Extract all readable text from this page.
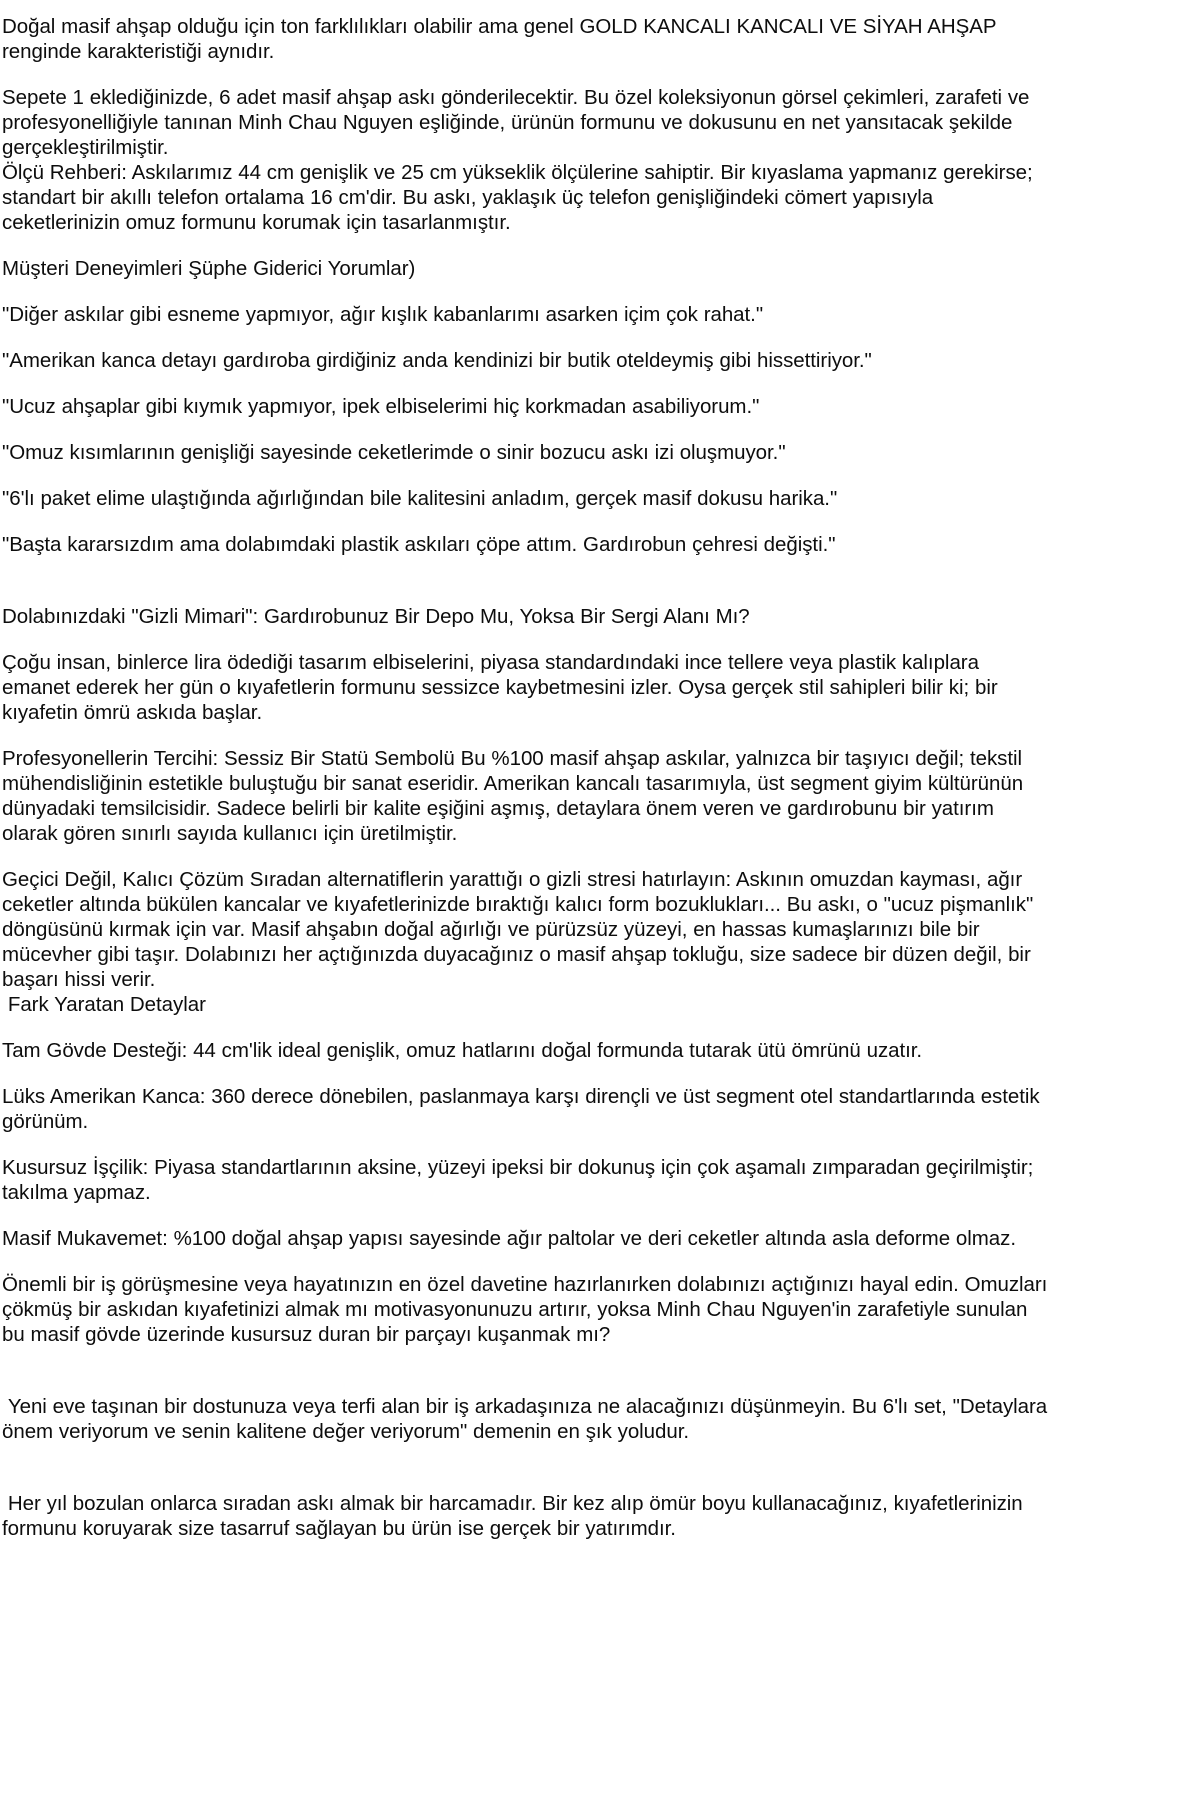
Doğal masif ahşap olduğu için ton farklılıkları olabilir ama genel GOLD KANCALI KANCALI VE SİYAH AHŞAP renginde karakteristiği aynıdır.

Sepete 1 eklediğinizde, 6 adet masif ahşap askı gönderilecektir. Bu özel koleksiyonun görsel çekimleri, zarafeti ve profesyonelliğiyle tanınan Minh Chau Nguyen eşliğinde, ürünün formunu ve dokusunu en net yansıtacak şekilde gerçekleştirilmiştir.

Ölçü Rehberi: Askılarımız 44 cm genişlik ve 25 cm yükseklik ölçülerine sahiptir. Bir kıyaslama yapmanız gerekirse; standart bir akıllı telefon ortalama 16 cm'dir. Bu askı, yaklaşık üç telefon genişliğindeki cömert yapısıyla ceketlerinizin omuz formunu korumak için tasarlanmıştır.

Müşteri Deneyimleri Şüphe Giderici Yorumlar)

"Diğer askılar gibi esneme yapmıyor, ağır kışlık kabanlarımı asarken içim çok rahat."

"Amerikan kanca detayı gardıroba girdiğiniz anda kendinizi bir butik oteldeymiş gibi hissettiriyor."

"Ucuz ahşaplar gibi kıymık yapmıyor, ipek elbiselerimi hiç korkmadan asabiliyorum."

"Omuz kısımlarının genişliği sayesinde ceketlerimde o sinir bozucu askı izi oluşmuyor."

"6'lı paket elime ulaştığında ağırlığından bile kalitesini anladım, gerçek masif dokusu harika."

"Başta kararsızdım ama dolabımdaki plastik askıları çöpe attım. Gardırobun çehresi değişti."

Dolabınızdaki "Gizli Mimari": Gardırobunuz Bir Depo Mu, Yoksa Bir Sergi Alanı Mı?

Çoğu insan, binlerce lira ödediği tasarım elbiselerini, piyasa standardındaki ince tellere veya plastik kalıplara emanet ederek her gün o kıyafetlerin formunu sessizce kaybetmesini izler. Oysa gerçek stil sahipleri bilir ki; bir kıyafetin ömrü askıda başlar.

Profesyonellerin Tercihi: Sessiz Bir Statü Sembolü Bu %100 masif ahşap askılar, yalnızca bir taşıyıcı değil; tekstil mühendisliğinin estetikle buluştuğu bir sanat eseridir. Amerikan kancalı tasarımıyla, üst segment giyim kültürünün dünyadaki temsilcisidir. Sadece belirli bir kalite eşiğini aşmış, detaylara önem veren ve gardırobunu bir yatırım olarak gören sınırlı sayıda kullanıcı için üretilmiştir.

Geçici Değil, Kalıcı Çözüm Sıradan alternatiflerin yarattığı o gizli stresi hatırlayın: Askının omuzdan kayması, ağır ceketler altında bükülen kancalar ve kıyafetlerinizde bıraktığı kalıcı form bozuklukları... Bu askı, o "ucuz pişmanlık" döngüsünü kırmak için var. Masif ahşabın doğal ağırlığı ve pürüzsüz yüzeyi, en hassas kumaşlarınızı bile bir mücevher gibi taşır. Dolabınızı her açtığınızda duyacağınız o masif ahşap tokluğu, size sadece bir düzen değil, bir başarı hissi verir.

Fark Yaratan Detaylar

Tam Gövde Desteği: 44 cm'lik ideal genişlik, omuz hatlarını doğal formunda tutarak ütü ömrünü uzatır.

Lüks Amerikan Kanca: 360 derece dönebilen, paslanmaya karşı dirençli ve üst segment otel standartlarında estetik görünüm.

Kusursuz İşçilik: Piyasa standartlarının aksine, yüzeyi ipeksi bir dokunuş için çok aşamalı zımparadan geçirilmiştir; takılma yapmaz.

Masif Mukavemet: %100 doğal ahşap yapısı sayesinde ağır paltolar ve deri ceketler altında asla deforme olmaz.

Önemli bir iş görüşmesine veya hayatınızın en özel davetine hazırlanırken dolabınızı açtığınızı hayal edin. Omuzları çökmüş bir askıdan kıyafetinizi almak mı motivasyonunuzu artırır, yoksa Minh Chau Nguyen'in zarafetiyle sunulan bu masif gövde üzerinde kusursuz duran bir parçayı kuşanmak mı?

Yeni eve taşınan bir dostunuza veya terfi alan bir iş arkadaşınıza ne alacağınızı düşünmeyin. Bu 6'lı set, "Detaylara önem veriyorum ve senin kalitene değer veriyorum" demenin en şık yoludur.

Her yıl bozulan onlarca sıradan askı almak bir harcamadır. Bir kez alıp ömür boyu kullanacağınız, kıyafetlerinizin formunu koruyarak size tasarruf sağlayan bu ürün ise gerçek bir yatırımdır.
